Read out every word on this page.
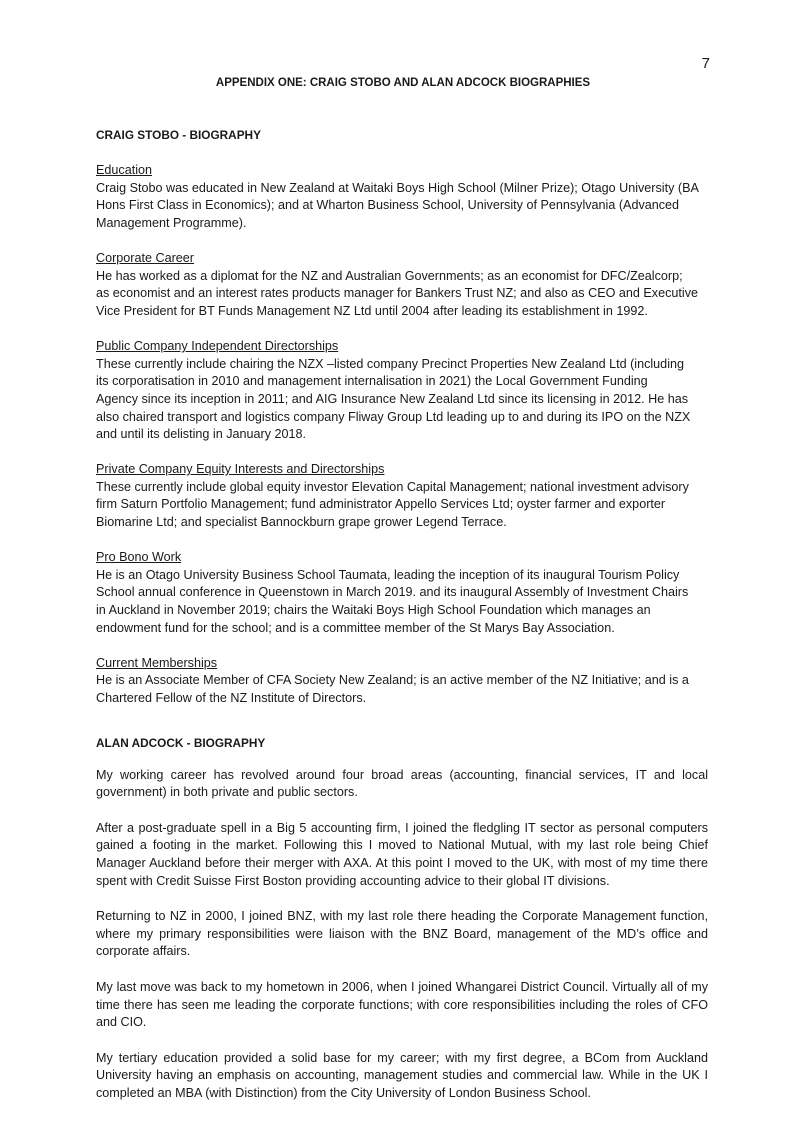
7
APPENDIX ONE: CRAIG STOBO AND ALAN ADCOCK BIOGRAPHIES

CRAIG STOBO - BIOGRAPHY

Education

Craig Stobo was educated in New Zealand at Waitaki Boys High School (Milner Prize); Otago University (BA

Hons First Class in Economics); and at Wharton Business School, University of Pennsylvania (Advanced

Management Programme).

Corporate Career

He has worked as a diplomat for the NZ and Australian Governments; as an economist for DFC/Zealcorp;

as economist and an interest rates products manager for Bankers Trust NZ; and also as CEO and Executive

Vice President for BT Funds Management NZ Ltd until 2004 after leading its establishment in 1992.

Public Company Independent Directorships

These currently include chairing the NZX –listed company Precinct Properties New Zealand Ltd (including

its corporatisation in 2010 and management internalisation in 2021) the Local Government Funding

Agency since its inception in 2011; and AIG Insurance New Zealand Ltd since its licensing in 2012. He has

also chaired transport and logistics company Fliway Group Ltd leading up to and during its IPO on the NZX

and until its delisting in January 2018.

Private Company Equity Interests and Directorships

These currently include global equity investor Elevation Capital Management; national investment advisory

firm Saturn Portfolio Management; fund administrator Appello Services Ltd; oyster farmer and exporter

Biomarine Ltd; and specialist Bannockburn grape grower Legend Terrace.

Pro Bono Work

He is an Otago University Business School Taumata, leading the inception of its inaugural Tourism Policy

School annual conference in Queenstown in March 2019. and its inaugural Assembly of Investment Chairs

in Auckland in November 2019; chairs the Waitaki Boys High School Foundation which manages an

endowment fund for the school; and is a committee member of the St Marys Bay Association.

Current Memberships

He is an Associate Member of CFA Society New Zealand; is an active member of the NZ Initiative; and is a

Chartered Fellow of the NZ Institute of Directors.

ALAN ADCOCK - BIOGRAPHY

My working career has revolved around four broad areas (accounting, financial services, IT and local government) in both private and public sectors.

After a post-graduate spell in a Big 5 accounting firm, I joined the fledgling IT sector as personal computers gained a footing in the market. Following this I moved to National Mutual, with my last role being Chief Manager Auckland before their merger with AXA. At this point I moved to the UK, with most of my time there spent with Credit Suisse First Boston providing accounting advice to their global IT divisions.

Returning to NZ in 2000, I joined BNZ, with my last role there heading the Corporate Management function, where my primary responsibilities were liaison with the BNZ Board, management of the MD’s office and corporate affairs.

My last move was back to my hometown in 2006, when I joined Whangarei District Council. Virtually all of my time there has seen me leading the corporate functions; with core responsibilities including the roles of CFO and CIO.

My tertiary education provided a solid base for my career; with my first degree, a BCom from Auckland University having an emphasis on accounting, management studies and commercial law. While in the UK I completed an MBA (with Distinction) from the City University of London Business School.
